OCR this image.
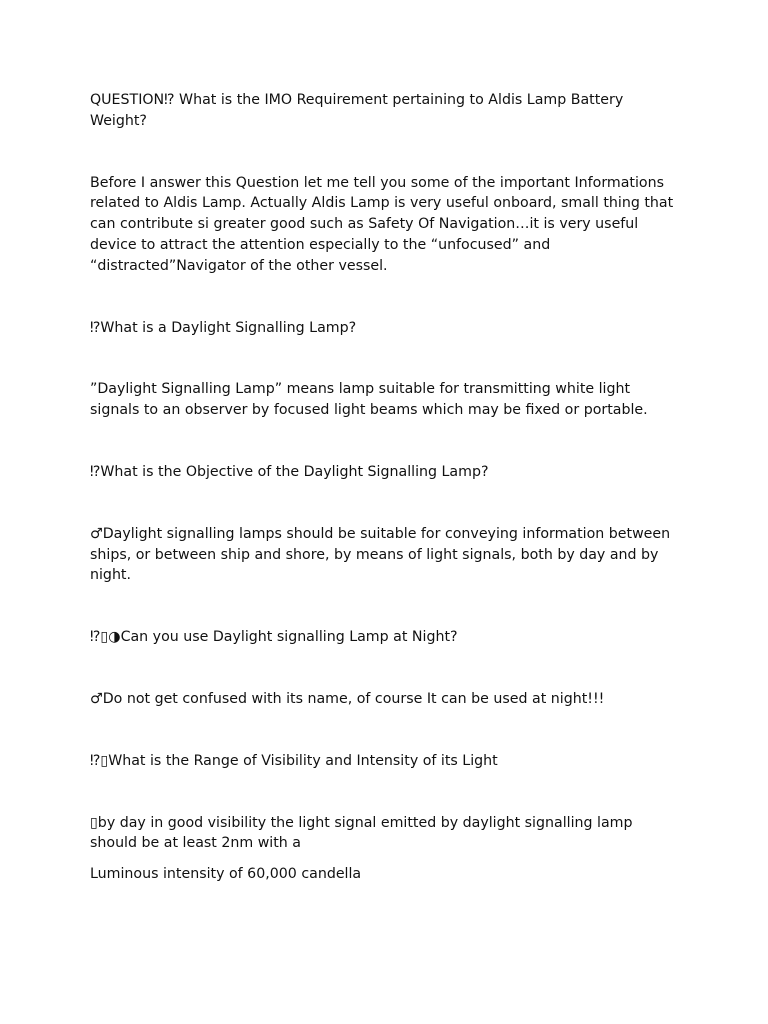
QUESTION⁉ What is the IMO Requirement pertaining to Aldis Lamp Battery Weight?

Before I answer this Question let me tell you some of the important Informations related to Aldis Lamp. Actually Aldis Lamp is very useful onboard, small thing that can contribute si greater good such as Safety Of Navigation…it is very useful device to attract the attention especially to the “unfocused” and “distracted”Navigator of the other vessel.

⁉What is a Daylight Signalling Lamp?

”Daylight Signalling Lamp” means lamp suitable for transmitting white light signals to an observer by focused light beams which may be fixed or portable.

⁉What is the Objective of the Daylight Signalling Lamp?

♂Daylight signalling lamps should be suitable for conveying information between ships, or between ship and shore, by means of light signals, both by day and by night.

⁉▯◑Can you use Daylight signalling Lamp at Night?

♂Do not get confused with its name, of course It can be used at night!!!

⁉▯What is the Range of Visibility and Intensity of its Light

▯by day in good visibility the light signal emitted by daylight signalling lamp should be at least 2nm with a

Luminous intensity of 60,000 candella
